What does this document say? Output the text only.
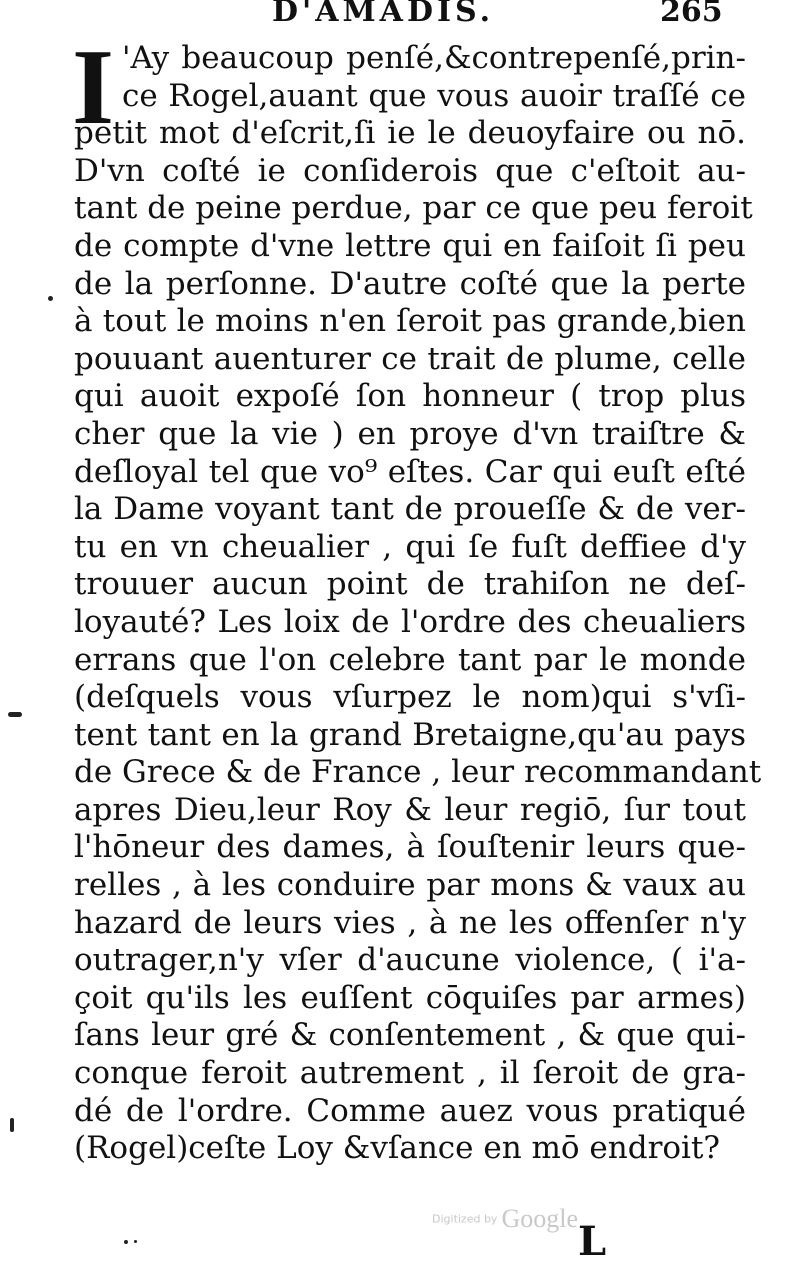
D'AMADIS.	265
I 'Ay beaucoup penſé,&contrepenſé,prin-
ce Rogel,auant que vous auoir traſſé ce
petit mot d'eſcrit,ſi ie le deuoyfaire ou nō.
D'vn coſté ie conſiderois que c'eſtoit au-
tant de peine perdue, par ce que peu feroit
de compte d'vne lettre qui en faiſoit ſi peu
de la perſonne. D'autre coſté que la perte
à tout le moins n'en ſeroit pas grande,bien
pouuant auenturer ce trait de plume, celle
qui auoit expoſé ſon honneur ( trop plus
cher que la vie ) en proye d'vn traiſtre &
deſloyal tel que vo⁹ eſtes. Car qui euſt eſté
la Dame voyant tant de proueſſe & de ver-
tu en vn cheualier , qui ſe fuſt deffiee d'y
trouuer aucun point de trahiſon ne deſ-
loyauté? Les loix de l'ordre des cheualiers
errans que l'on celebre tant par le monde
(deſquels vous vſurpez le nom)qui s'vſi-
tent tant en la grand Bretaigne,qu'au pays
de Grece & de France , leur recommandant
apres Dieu,leur Roy & leur regiō, ſur tout
l'hōneur des dames, à ſouſtenir leurs que-
relles , à les conduire par mons & vaux au
hazard de leurs vies , à ne les offenſer n'y
outrager,n'y vſer d'aucune violence, ( i'a-
çoit qu'ils les euſſent cōquiſes par armes)
ſans leur gré & conſentement , & que qui-
conque feroit autrement , il ſeroit de gra-
dé de l'ordre. Comme auez vous pratiqué
(Rogel)ceſte Loy &vſance en mō endroit?
Digitized by Google L
